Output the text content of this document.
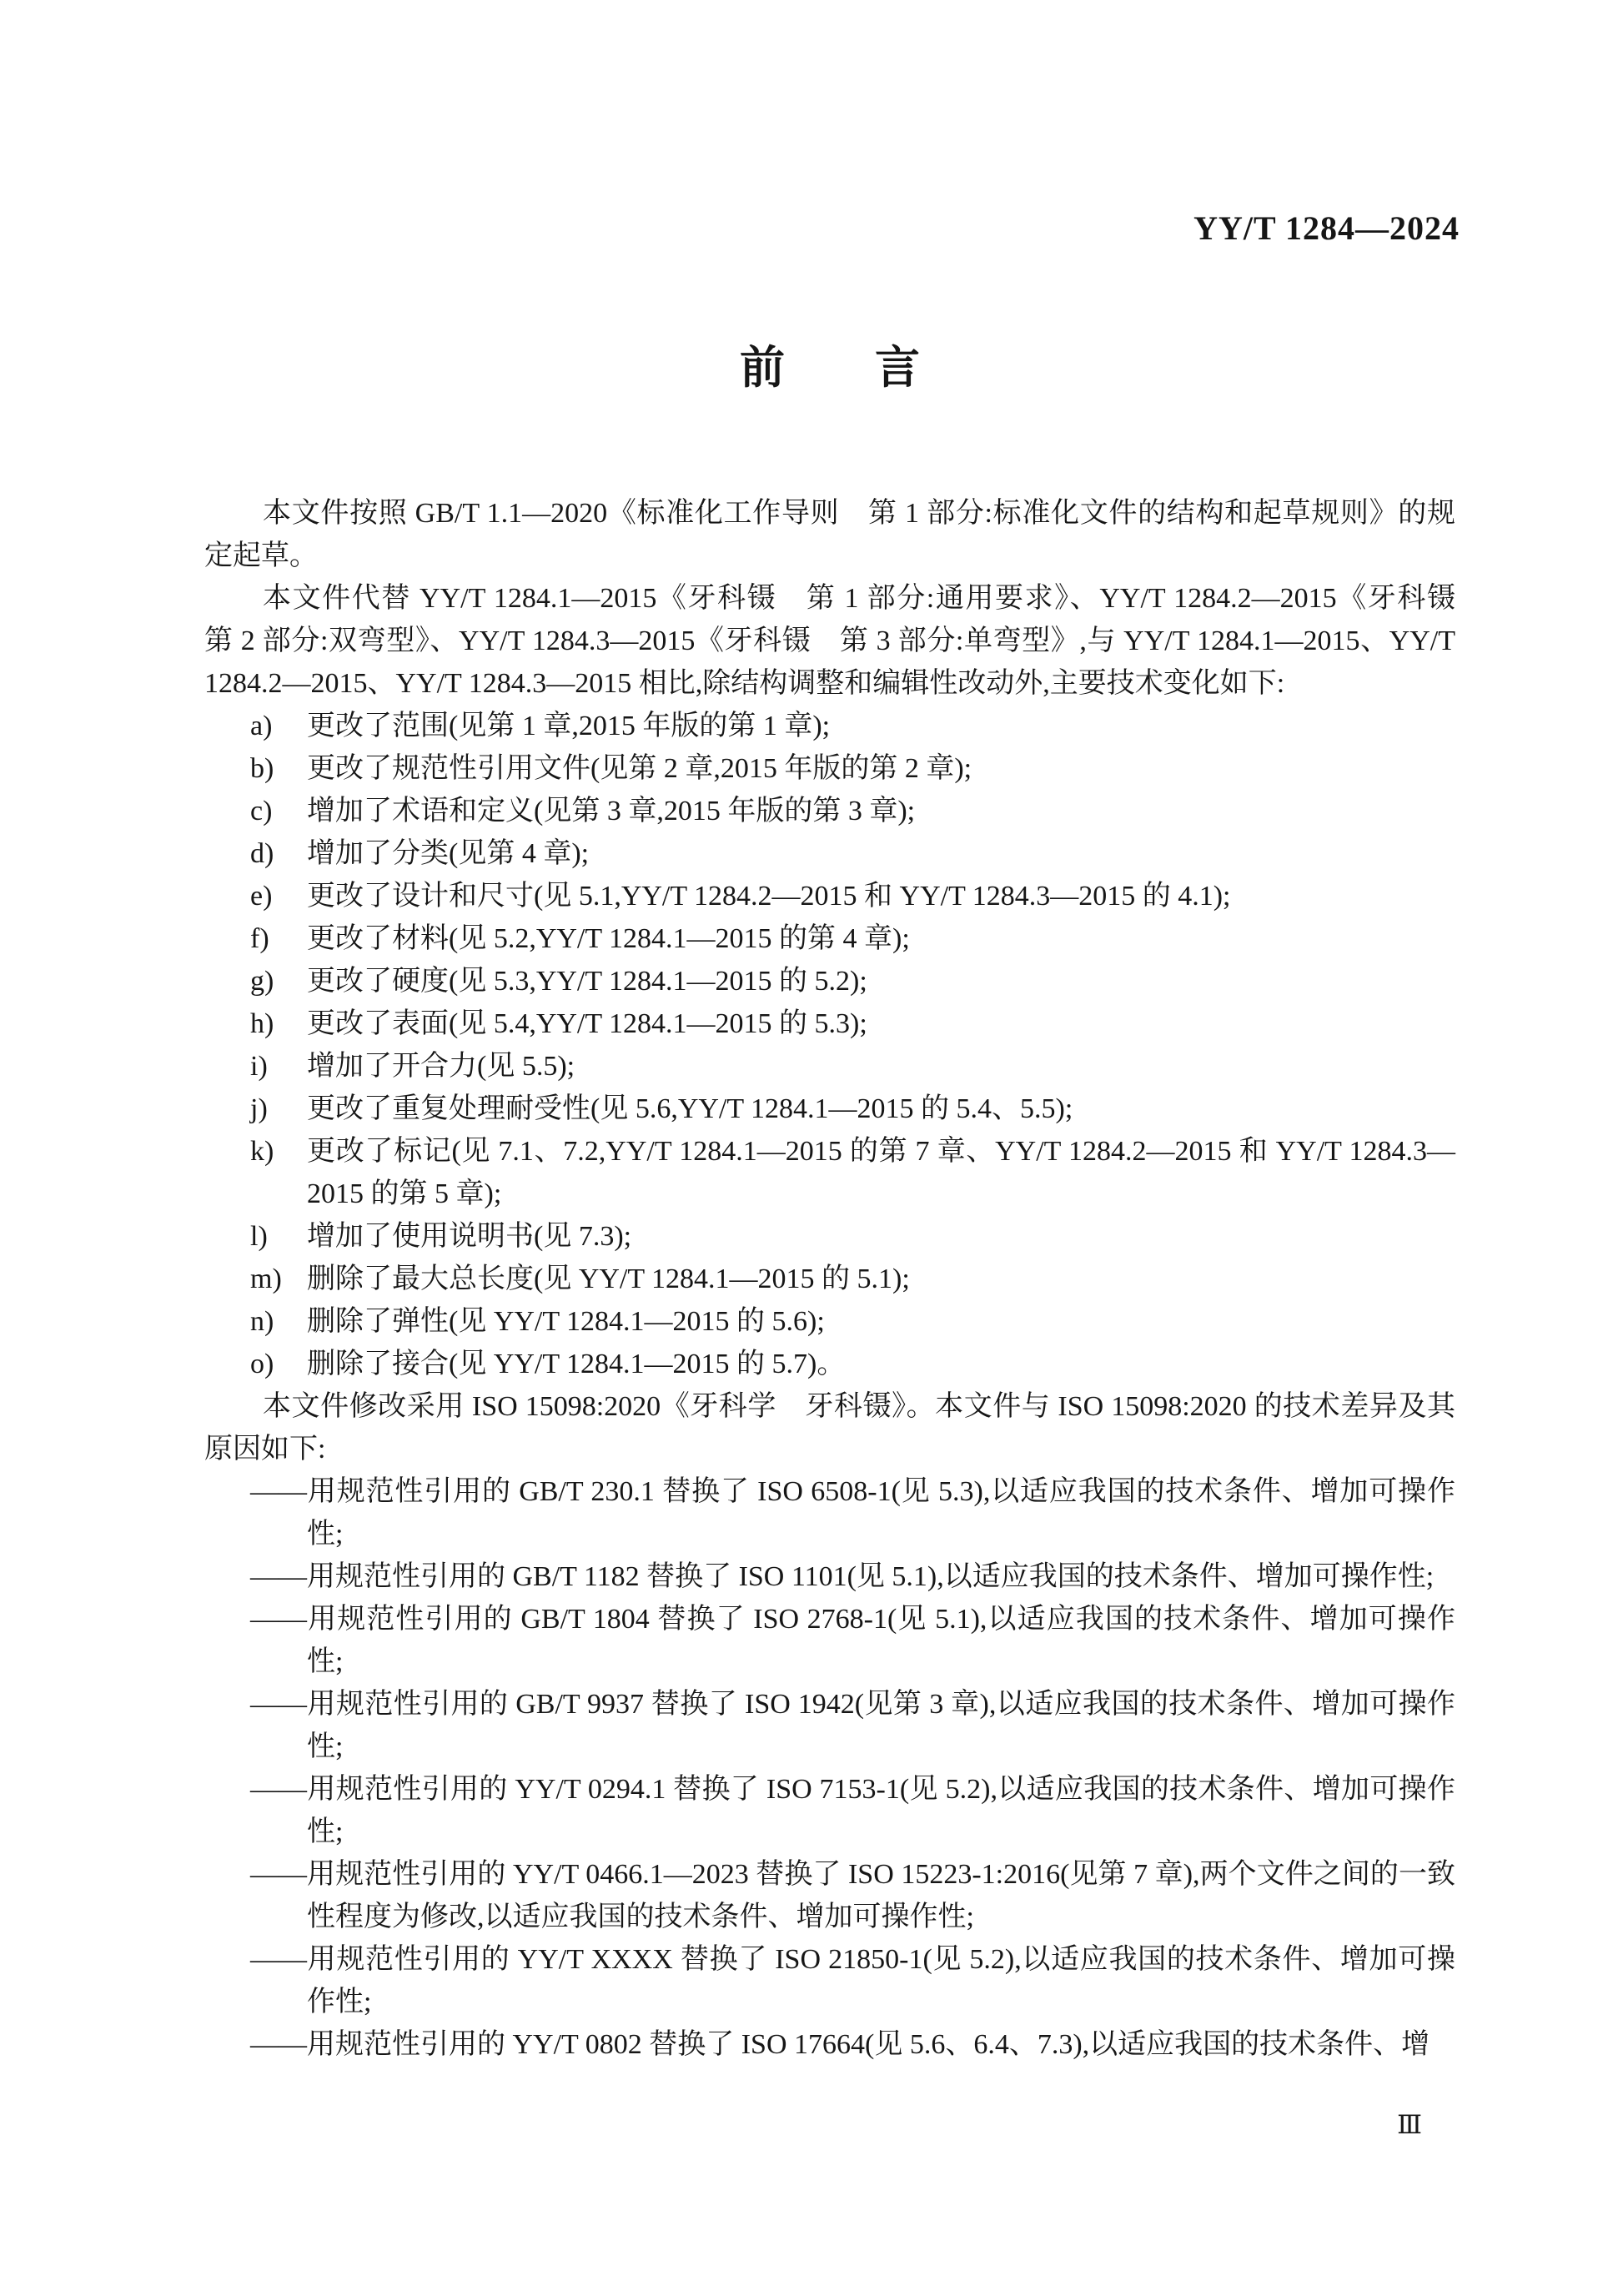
YY/T 1284—2024
前　　言

本文件按照 GB/T 1.1—2020《标准化工作导则　第 1 部分:标准化文件的结构和起草规则》的规定起草。

本文件代替 YY/T 1284.1—2015《牙科镊　第 1 部分:通用要求》、YY/T 1284.2—2015《牙科镊　第 2 部分:双弯型》、YY/T 1284.3—2015《牙科镊　第 3 部分:单弯型》,与 YY/T 1284.1—2015、YY/T 1284.2—2015、YY/T 1284.3—2015 相比,除结构调整和编辑性改动外,主要技术变化如下:

a) 更改了范围(见第 1 章,2015 年版的第 1 章);
b) 更改了规范性引用文件(见第 2 章,2015 年版的第 2 章);
c) 增加了术语和定义(见第 3 章,2015 年版的第 3 章);
d) 增加了分类(见第 4 章);
e) 更改了设计和尺寸(见 5.1,YY/T 1284.2—2015 和 YY/T 1284.3—2015 的 4.1);
f) 更改了材料(见 5.2,YY/T 1284.1—2015 的第 4 章);
g) 更改了硬度(见 5.3,YY/T 1284.1—2015 的 5.2);
h) 更改了表面(见 5.4,YY/T 1284.1—2015 的 5.3);
i) 增加了开合力(见 5.5);
j) 更改了重复处理耐受性(见 5.6,YY/T 1284.1—2015 的 5.4、5.5);
k) 更改了标记(见 7.1、7.2,YY/T 1284.1—2015 的第 7 章、YY/T 1284.2—2015 和 YY/T 1284.3—2015 的第 5 章);
l) 增加了使用说明书(见 7.3);
m) 删除了最大总长度(见 YY/T 1284.1—2015 的 5.1);
n) 删除了弹性(见 YY/T 1284.1—2015 的 5.6);
o) 删除了接合(见 YY/T 1284.1—2015 的 5.7)。

本文件修改采用 ISO 15098:2020《牙科学　牙科镊》。本文件与 ISO 15098:2020 的技术差异及其原因如下:

——用规范性引用的 GB/T 230.1 替换了 ISO 6508-1(见 5.3),以适应我国的技术条件、增加可操作性;
——用规范性引用的 GB/T 1182 替换了 ISO 1101(见 5.1),以适应我国的技术条件、增加可操作性;
——用规范性引用的 GB/T 1804 替换了 ISO 2768-1(见 5.1),以适应我国的技术条件、增加可操作性;
——用规范性引用的 GB/T 9937 替换了 ISO 1942(见第 3 章),以适应我国的技术条件、增加可操作性;
——用规范性引用的 YY/T 0294.1 替换了 ISO 7153-1(见 5.2),以适应我国的技术条件、增加可操作性;
——用规范性引用的 YY/T 0466.1—2023 替换了 ISO 15223-1:2016(见第 7 章),两个文件之间的一致性程度为修改,以适应我国的技术条件、增加可操作性;
——用规范性引用的 YY/T XXXX 替换了 ISO 21850-1(见 5.2),以适应我国的技术条件、增加可操作性;
——用规范性引用的 YY/T 0802 替换了 ISO 17664(见 5.6、6.4、7.3),以适应我国的技术条件、增
Ⅲ
